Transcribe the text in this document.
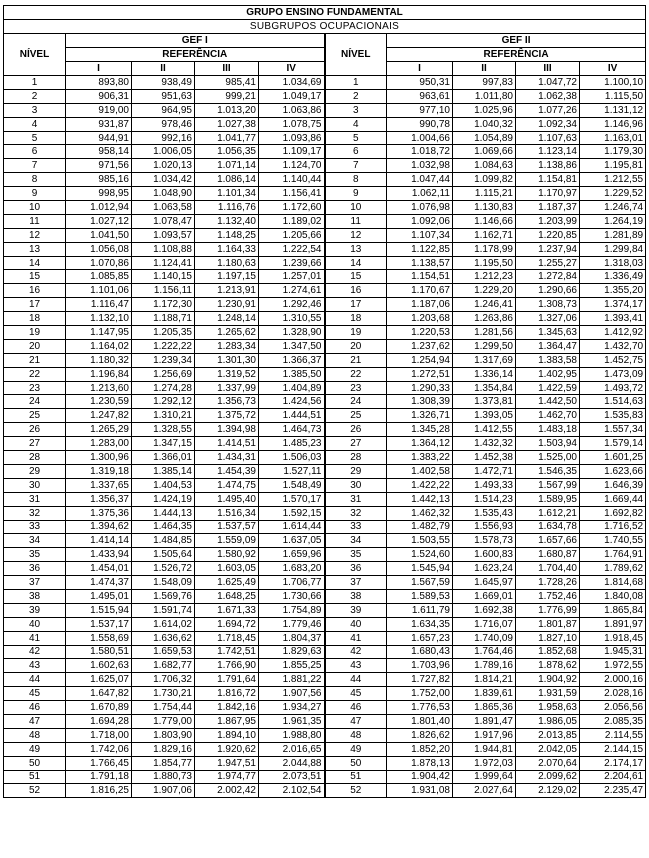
GRUPO ENSINO FUNDAMENTAL									
SUBGRUPOS OCUPACIONAIS									
NÍVEL	GEF I				NÍVEL	GEF II			
	REFERÊNCIA					REFERÊNCIA			
	I	II	III	IV		I	II	III	IV
1	893,80	938,49	985,41	1.034,69	1	950,31	997,83	1.047,72	1.100,10
2	906,31	951,63	999,21	1.049,17	2	963,61	1.011,80	1.062,38	1.115,50
3	919,00	964,95	1.013,20	1.063,86	3	977,10	1.025,96	1.077,26	1.131,12
4	931,87	978,46	1.027,38	1.078,75	4	990,78	1.040,32	1.092,34	1.146,96
5	944,91	992,16	1.041,77	1.093,86	5	1.004,66	1.054,89	1.107,63	1.163,01
6	958,14	1.006,05	1.056,35	1.109,17	6	1.018,72	1.069,66	1.123,14	1.179,30
7	971,56	1.020,13	1.071,14	1.124,70	7	1.032,98	1.084,63	1.138,86	1.195,81
8	985,16	1.034,42	1.086,14	1.140,44	8	1.047,44	1.099,82	1.154,81	1.212,55
9	998,95	1.048,90	1.101,34	1.156,41	9	1.062,11	1.115,21	1.170,97	1.229,52
10	1.012,94	1.063,58	1.116,76	1.172,60	10	1.076,98	1.130,83	1.187,37	1.246,74
11	1.027,12	1.078,47	1.132,40	1.189,02	11	1.092,06	1.146,66	1.203,99	1.264,19
12	1.041,50	1.093,57	1.148,25	1.205,66	12	1.107,34	1.162,71	1.220,85	1.281,89
13	1.056,08	1.108,88	1.164,33	1.222,54	13	1.122,85	1.178,99	1.237,94	1.299,84
14	1.070,86	1.124,41	1.180,63	1.239,66	14	1.138,57	1.195,50	1.255,27	1.318,03
15	1.085,85	1.140,15	1.197,15	1.257,01	15	1.154,51	1.212,23	1.272,84	1.336,49
16	1.101,06	1.156,11	1.213,91	1.274,61	16	1.170,67	1.229,20	1.290,66	1.355,20
17	1.116,47	1.172,30	1.230,91	1.292,46	17	1.187,06	1.246,41	1.308,73	1.374,17
18	1.132,10	1.188,71	1.248,14	1.310,55	18	1.203,68	1.263,86	1.327,06	1.393,41
19	1.147,95	1.205,35	1.265,62	1.328,90	19	1.220,53	1.281,56	1.345,63	1.412,92
20	1.164,02	1.222,22	1.283,34	1.347,50	20	1.237,62	1.299,50	1.364,47	1.432,70
21	1.180,32	1.239,34	1.301,30	1.366,37	21	1.254,94	1.317,69	1.383,58	1.452,75
22	1.196,84	1.256,69	1.319,52	1.385,50	22	1.272,51	1.336,14	1.402,95	1.473,09
23	1.213,60	1.274,28	1.337,99	1.404,89	23	1.290,33	1.354,84	1.422,59	1.493,72
24	1.230,59	1.292,12	1.356,73	1.424,56	24	1.308,39	1.373,81	1.442,50	1.514,63
25	1.247,82	1.310,21	1.375,72	1.444,51	25	1.326,71	1.393,05	1.462,70	1.535,83
26	1.265,29	1.328,55	1.394,98	1.464,73	26	1.345,28	1.412,55	1.483,18	1.557,34
27	1.283,00	1.347,15	1.414,51	1.485,23	27	1.364,12	1.432,32	1.503,94	1.579,14
28	1.300,96	1.366,01	1.434,31	1.506,03	28	1.383,22	1.452,38	1.525,00	1.601,25
29	1.319,18	1.385,14	1.454,39	1.527,11	29	1.402,58	1.472,71	1.546,35	1.623,66
30	1.337,65	1.404,53	1.474,75	1.548,49	30	1.422,22	1.493,33	1.567,99	1.646,39
31	1.356,37	1.424,19	1.495,40	1.570,17	31	1.442,13	1.514,23	1.589,95	1.669,44
32	1.375,36	1.444,13	1.516,34	1.592,15	32	1.462,32	1.535,43	1.612,21	1.692,82
33	1.394,62	1.464,35	1.537,57	1.614,44	33	1.482,79	1.556,93	1.634,78	1.716,52
34	1.414,14	1.484,85	1.559,09	1.637,05	34	1.503,55	1.578,73	1.657,66	1.740,55
35	1.433,94	1.505,64	1.580,92	1.659,96	35	1.524,60	1.600,83	1.680,87	1.764,91
36	1.454,01	1.526,72	1.603,05	1.683,20	36	1.545,94	1.623,24	1.704,40	1.789,62
37	1.474,37	1.548,09	1.625,49	1.706,77	37	1.567,59	1.645,97	1.728,26	1.814,68
38	1.495,01	1.569,76	1.648,25	1.730,66	38	1.589,53	1.669,01	1.752,46	1.840,08
39	1.515,94	1.591,74	1.671,33	1.754,89	39	1.611,79	1.692,38	1.776,99	1.865,84
40	1.537,17	1.614,02	1.694,72	1.779,46	40	1.634,35	1.716,07	1.801,87	1.891,97
41	1.558,69	1.636,62	1.718,45	1.804,37	41	1.657,23	1.740,09	1.827,10	1.918,45
42	1.580,51	1.659,53	1.742,51	1.829,63	42	1.680,43	1.764,46	1.852,68	1.945,31
43	1.602,63	1.682,77	1.766,90	1.855,25	43	1.703,96	1.789,16	1.878,62	1.972,55
44	1.625,07	1.706,32	1.791,64	1.881,22	44	1.727,82	1.814,21	1.904,92	2.000,16
45	1.647,82	1.730,21	1.816,72	1.907,56	45	1.752,00	1.839,61	1.931,59	2.028,16
46	1.670,89	1.754,44	1.842,16	1.934,27	46	1.776,53	1.865,36	1.958,63	2.056,56
47	1.694,28	1.779,00	1.867,95	1.961,35	47	1.801,40	1.891,47	1.986,05	2.085,35
48	1.718,00	1.803,90	1.894,10	1.988,80	48	1.826,62	1.917,96	2.013,85	2.114,55
49	1.742,06	1.829,16	1.920,62	2.016,65	49	1.852,20	1.944,81	2.042,05	2.144,15
50	1.766,45	1.854,77	1.947,51	2.044,88	50	1.878,13	1.972,03	2.070,64	2.174,17
51	1.791,18	1.880,73	1.974,77	2.073,51	51	1.904,42	1.999,64	2.099,62	2.204,61
52	1.816,25	1.907,06	2.002,42	2.102,54	52	1.931,08	2.027,64	2.129,02	2.235,47
